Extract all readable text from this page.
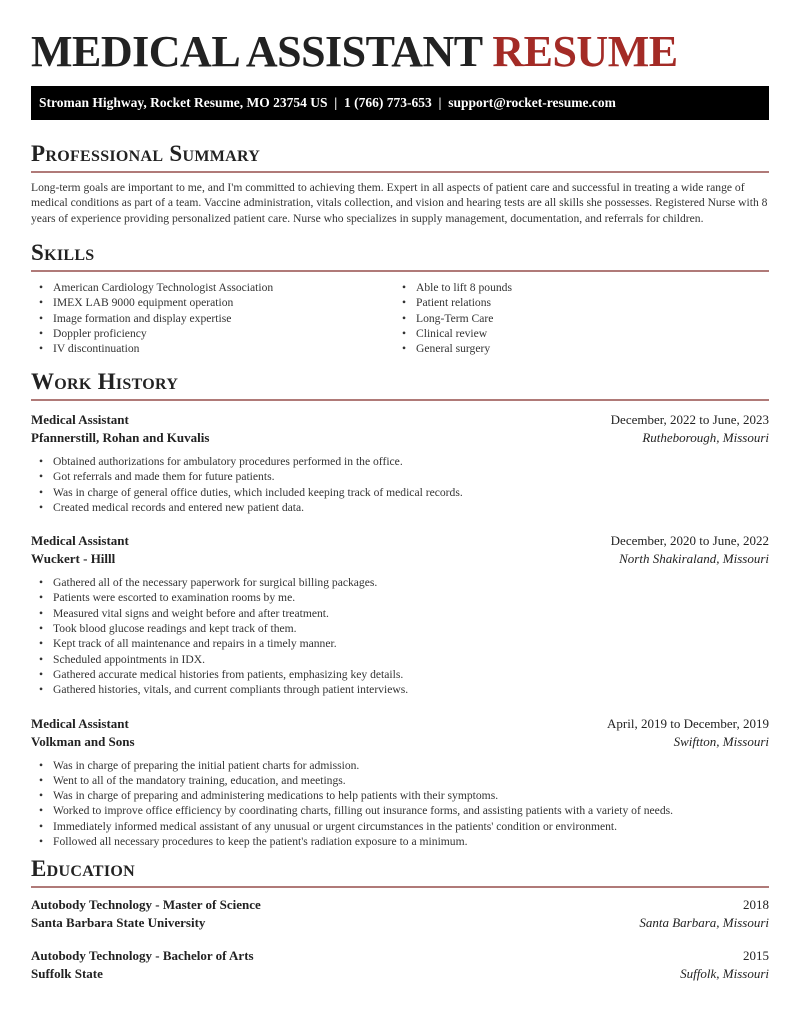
MEDICAL ASSISTANT RESUME
Stroman Highway, Rocket Resume, MO 23754 US | 1 (766) 773-653 | support@rocket-resume.com
Professional Summary

Long-term goals are important to me, and I'm committed to achieving them. Expert in all aspects of patient care and successful in treating a wide range of medical conditions as part of a team. Vaccine administration, vitals collection, and vision and hearing tests are all skills she possesses. Registered Nurse with 8 years of experience providing personalized patient care. Nurse who specializes in supply management, documentation, and referrals for children.

Skills
• American Cardiology Technologist Association
• IMEX LAB 9000 equipment operation
• Image formation and display expertise
• Doppler proficiency
• IV discontinuation
• Able to lift 8 pounds
• Patient relations
• Long-Term Care
• Clinical review
• General surgery
Work History
Medical Assistant	December, 2022 to June, 2023
Pfannerstill, Rohan and Kuvalis	Rutheborough, Missouri
• Obtained authorizations for ambulatory procedures performed in the office.
• Got referrals and made them for future patients.
• Was in charge of general office duties, which included keeping track of medical records.
• Created medical records and entered new patient data.
Medical Assistant	December, 2020 to June, 2022
Wuckert - Hilll	North Shakiraland, Missouri
• Gathered all of the necessary paperwork for surgical billing packages.
• Patients were escorted to examination rooms by me.
• Measured vital signs and weight before and after treatment.
• Took blood glucose readings and kept track of them.
• Kept track of all maintenance and repairs in a timely manner.
• Scheduled appointments in IDX.
• Gathered accurate medical histories from patients, emphasizing key details.
• Gathered histories, vitals, and current compliants through patient interviews.
Medical Assistant	April, 2019 to December, 2019
Volkman and Sons	Swiftton, Missouri
• Was in charge of preparing the initial patient charts for admission.
• Went to all of the mandatory training, education, and meetings.
• Was in charge of preparing and administering medications to help patients with their symptoms.
• Worked to improve office efficiency by coordinating charts, filling out insurance forms, and assisting patients with a variety of needs.
• Immediately informed medical assistant of any unusual or urgent circumstances in the patients' condition or environment.
• Followed all necessary procedures to keep the patient's radiation exposure to a minimum.
Education
Autobody Technology - Master of Science	2018
Santa Barbara State University	Santa Barbara, Missouri
Autobody Technology - Bachelor of Arts	2015
Suffolk State	Suffolk, Missouri
